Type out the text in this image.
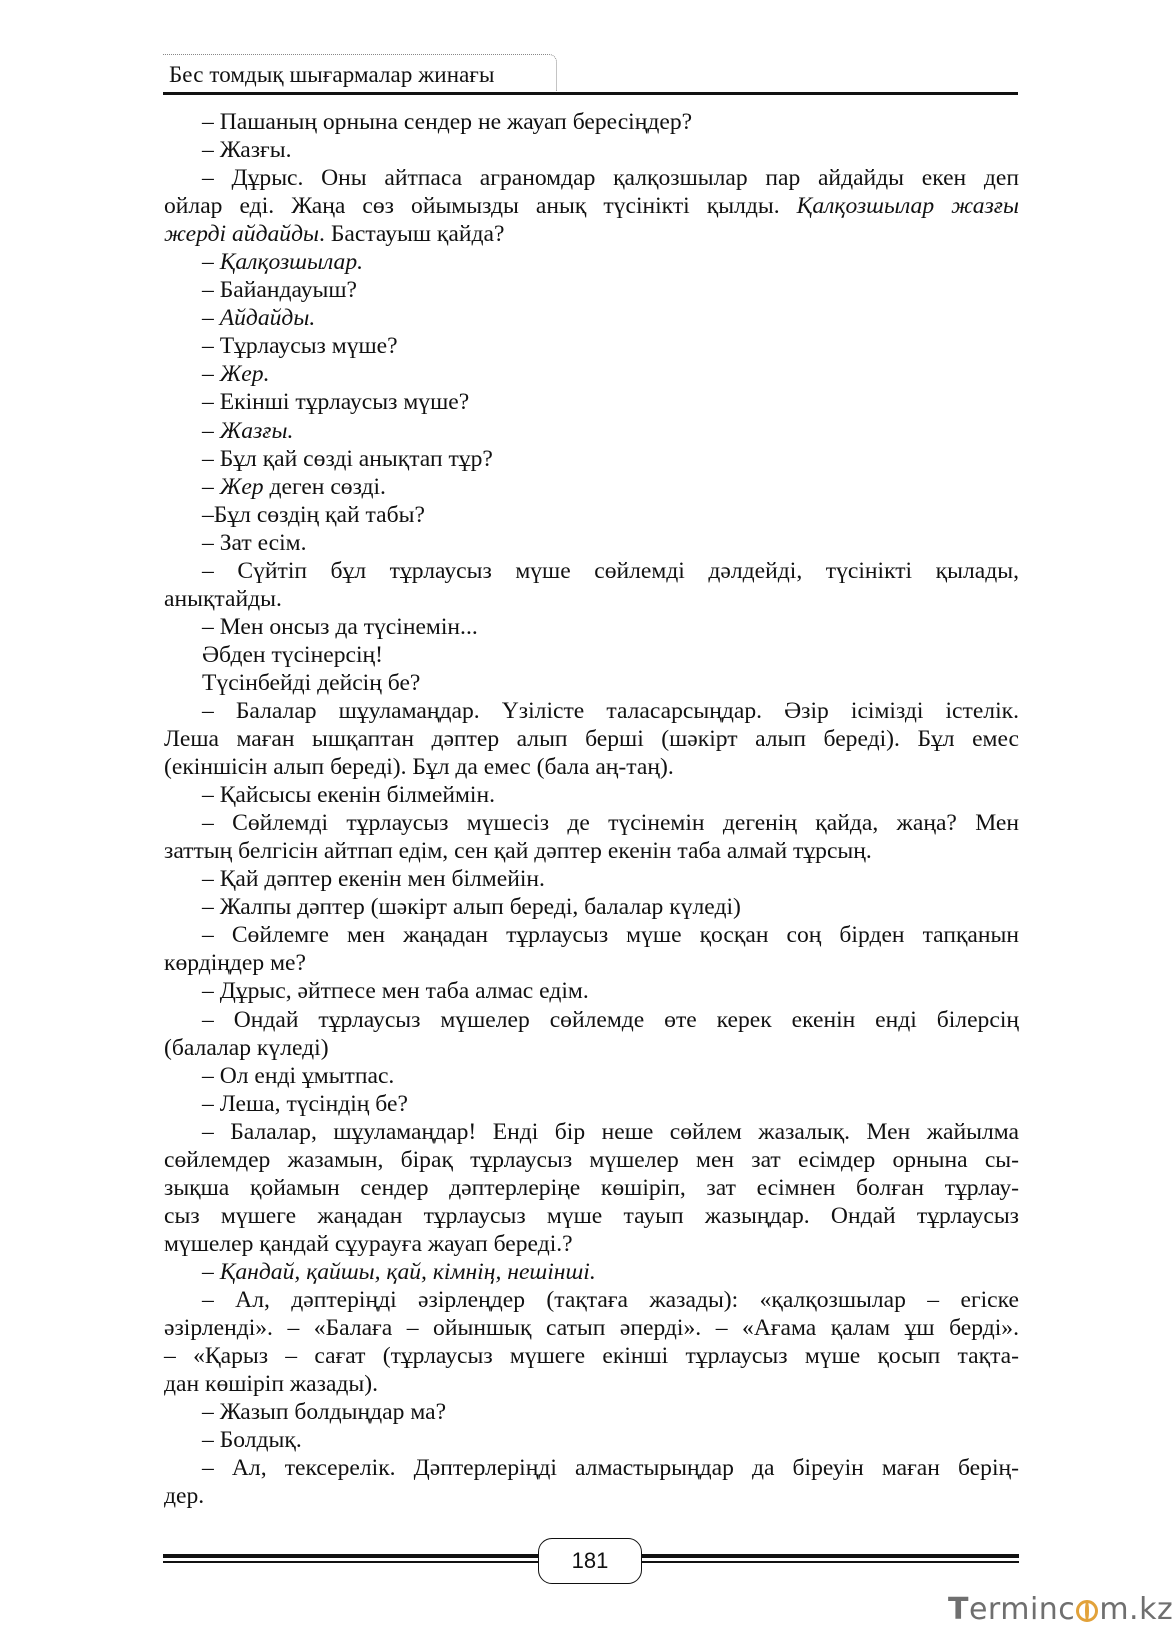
Бес томдық шығармалар жинағы

– Пашаның орнына сендер не жауап бересіңдер?

– Жазғы.

– Дұрыс. Оны айтпаса аграномдар қалқозшылар пар айдайды екен деп

ойлар еді. Жаңа сөз ойымызды анық түсінікті қылды. Қалқозшылар жазғы

жерді айдайды. Бастауыш қайда?

– Қалқозшылар.

– Байандауыш?

– Айдайды.

– Тұрлаусыз мүше?

– Жер.

– Екінші тұрлаусыз мүше?

– Жазғы.

– Бұл қай сөзді анықтап тұр?

– Жер деген сөзді.

–Бұл сөздің қай табы?

– Зат есім.

– Сүйтіп бұл тұрлаусыз мүше сөйлемді дәлдейді, түсінікті қылады,

анықтайды.

– Мен онсыз да түсінемін...

Әбден түсінерсің!

Түсінбейді дейсің бе?

– Балалар шұуламаңдар. Үзілісте таласарсыңдар. Әзір ісімізді істелік.

Леша маған ышқаптан дәптер алып берші (шәкірт алып береді). Бұл емес

(екіншісін алып береді). Бұл да емес (бала аң-таң).

– Қайсысы екенін білмеймін.

– Сөйлемді тұрлаусыз мүшесіз де түсінемін дегенің қайда, жаңа? Мен

заттың белгісін айтпап едім, сен қай дәптер екенін таба алмай тұрсың.

– Қай дәптер екенін мен білмейін.

– Жалпы дәптер (шәкірт алып береді, балалар күледі)

– Сөйлемге мен жаңадан тұрлаусыз мүше қосқан соң бірден тапқанын

көрдіңдер ме?

– Дұрыс, әйтпесе мен таба алмас едім.

– Ондай тұрлаусыз мүшелер сөйлемде өте керек екенін енді білерсің

(балалар күледі)

– Ол енді ұмытпас.

– Леша, түсіндің бе?

– Балалар, шұуламаңдар! Енді бір неше сөйлем жазалық. Мен жайылма

сөйлемдер жазамын, бірақ тұрлаусыз мүшелер мен зат есімдер орнына сы-

зықша қойамын сендер дәптерлеріңе көшіріп, зат есімнен болған тұрлау-

сыз мүшеге жаңадан тұрлаусыз мүше тауып жазыңдар. Ондай тұрлаусыз

мүшелер қандай сұурауға жауап береді.?

– Қандай, қайшы, қай, кімнің, нешінші.

– Ал, дәптеріңді әзірлеңдер (тақтаға жазады): «қалқозшылар – егіске

әзірленді». – «Балаға – ойыншық сатып әперді». – «Ағама қалам ұш берді».

– «Қарыз – сағат (тұрлаусыз мүшеге екінші тұрлаусыз мүше қосып тақта-

дан көшіріп жазады).

– Жазып болдыңдар ма?

– Болдық.

– Ал, тексерелік. Дәптерлеріңді алмастырыңдар да біреуін маған берің-

дер.

181
Terminc m.kz
